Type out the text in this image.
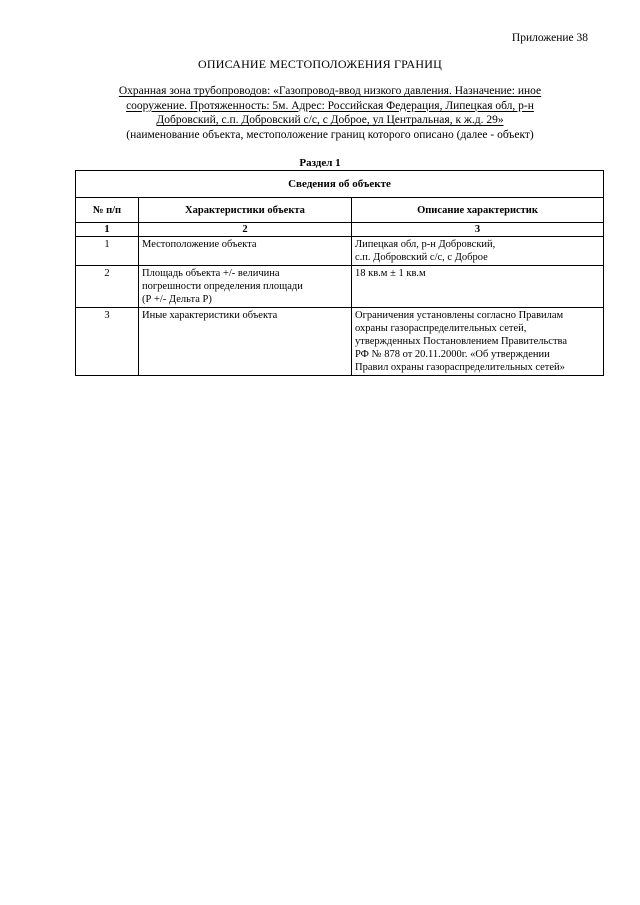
Приложение 38
ОПИСАНИЕ МЕСТОПОЛОЖЕНИЯ ГРАНИЦ
Охранная зона трубопроводов: «Газопровод-ввод низкого давления. Назначение: иное
сооружение. Протяженность: 5м. Адрес: Российская Федерация, Липецкая обл, р-н
Добровский, с.п. Добровский с/с, с Доброе, ул Центральная, к ж.д. 29»
(наименование объекта, местоположение границ которого описано (далее - объект)
Раздел 1
Сведения об объекте		
№ п/п	Характеристики объекта	Описание характеристик
1	2	3
1	Местоположение объекта	Липецкая обл, р-н Добровский,
с.п. Добровский с/с, с Доброе

2	Площадь объекта +/- величина
погрешности определения площади
(Р +/- Дельта Р)	18 кв.м ± 1 кв.м

3	Иные характеристики объекта	Ограничения установлены согласно Правилам
охраны газораспределительных сетей,
утвержденных Постановлением Правительства
РФ № 878 от 20.11.2000г. «Об утверждении
Правил охраны газораспределительных сетей»
